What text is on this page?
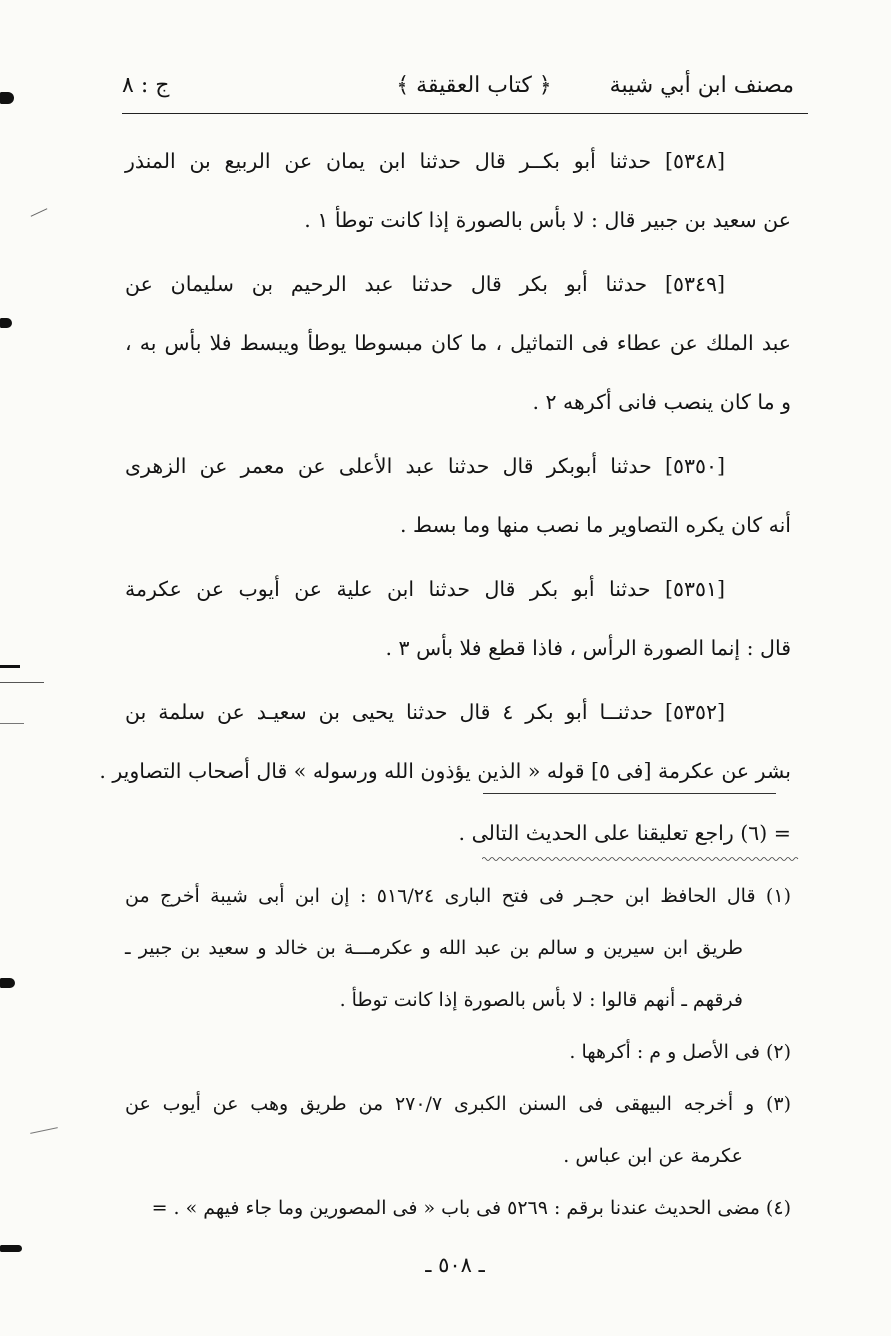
مصنف ابن أبي شيبة
﴿ كتاب العقيقة ﴾
ج : ٨
[٥٣٤٨] حدثنا أبو بكــر قال حدثنا ابن يمان عن الربيع بن المنذر
عن سعيد بن جبير قال : لا بأس بالصورة إذا كانت توطأ ١ .
[٥٣٤٩] حدثنا أبو بكر قال حدثنا عبد الرحيم بن سليمان عن
عبد الملك عن عطاء فى التماثيل ، ما كان مبسوطا يوطأ ويبسط فلا بأس به ،
و ما كان ينصب فانى أكرهه ٢ .
[٥٣٥٠] حدثنا أبوبكر قال حدثنا عبد الأعلى عن معمر عن الزهرى
أنه كان يكره التصاوير ما نصب منها وما بسط .
[٥٣٥١] حدثنا أبو بكر قال حدثنا ابن علية عن أيوب عن عكرمة
قال : إنما الصورة الرأس ، فاذا قطع فلا بأس ٣ .
[٥٣٥٢] حدثنــا أبو بكر ٤ قال حدثنا يحيى بن سعيـد عن سلمة بن
بشر عن عكرمة [فى ٥] قوله « الذين يؤذون الله ورسوله » قال أصحاب التصاوير .
= (٦) راجع تعليقنا على الحديث التالى .
(١) قال الحافظ ابن حجـر فى فتح البارى ٥١٦/٢٤ : إن ابن أبى شيبة أخرج من
طريق ابن سيرين و سالم بن عبد الله و عكرمـــة بن خالد و سعيد بن جبير ـ
فرقهم ـ أنهم قالوا : لا بأس بالصورة إذا كانت توطأ .
(٢) فى الأصل و م : أكرهها .
(٣) و أخرجه البيهقى فى السنن الكبرى ٢٧٠/٧ من طريق وهب عن أيوب عن
عكرمة عن ابن عباس .
(٤) مضى الحديث عندنا برقم : ٥٢٦٩ فى باب « فى المصورين وما جاء فيهم » . =
ـ ٥٠٨ ـ
